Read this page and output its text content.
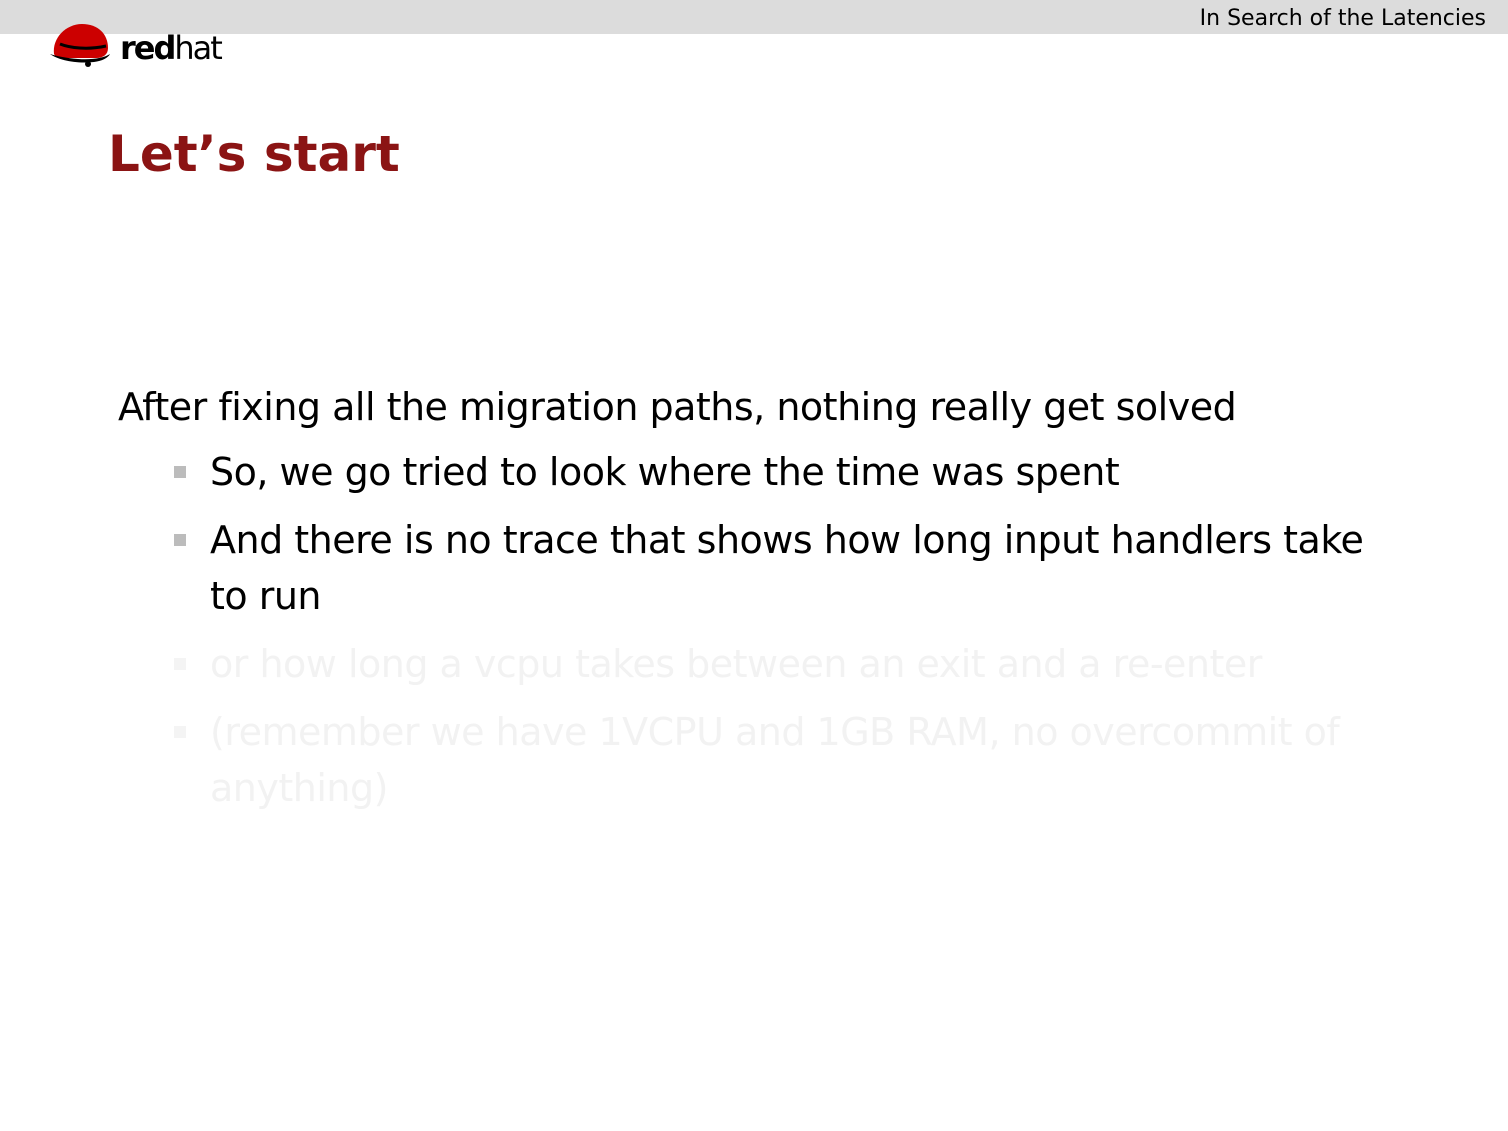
In Search of the Latencies
redhat
Let’s start
After fixing all the migration paths, nothing really get solved
So, we go tried to look where the time was spent
And there is no trace that shows how long input handlers take to run
or how long a vcpu takes between an exit and a re-enter
(remember we have 1VCPU and 1GB RAM, no overcommit of anything)
